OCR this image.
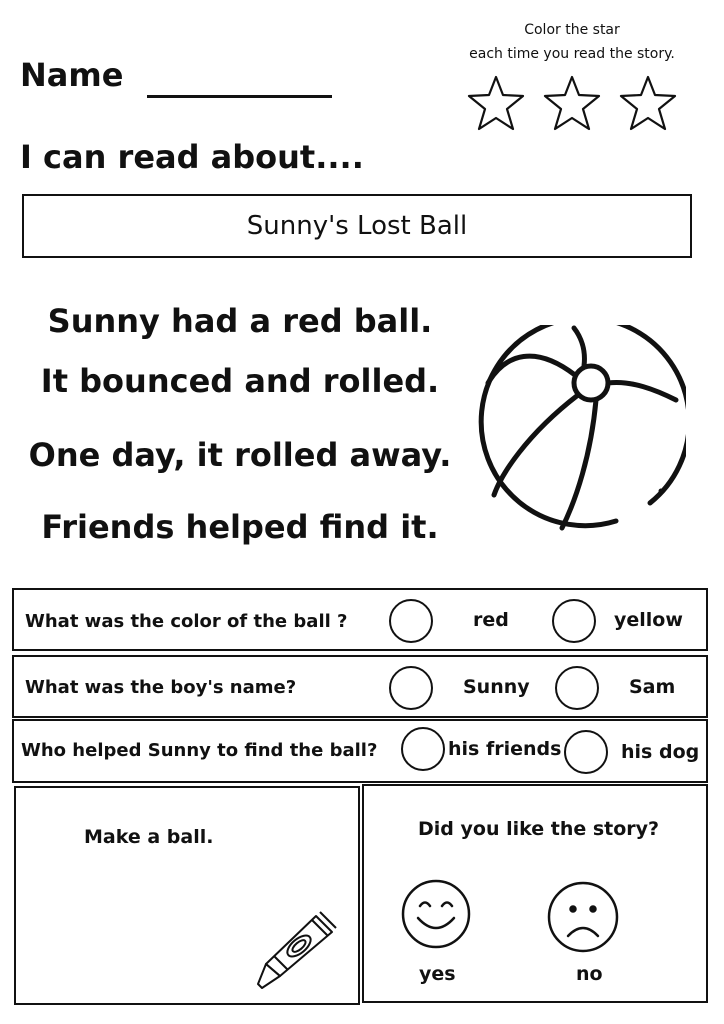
Name
Color the star
each time you read the story.
I can read about....
Sunny's Lost Ball
Sunny had a red ball.
It bounced and rolled.
One day, it rolled away.
Friends helped find it.
What was the color of the ball ?	red	yellow
What was the boy's name?	Sunny	Sam
Who helped Sunny to find the ball?	his friends	his dog
Make a ball.	Did you like the story?
yes	no
